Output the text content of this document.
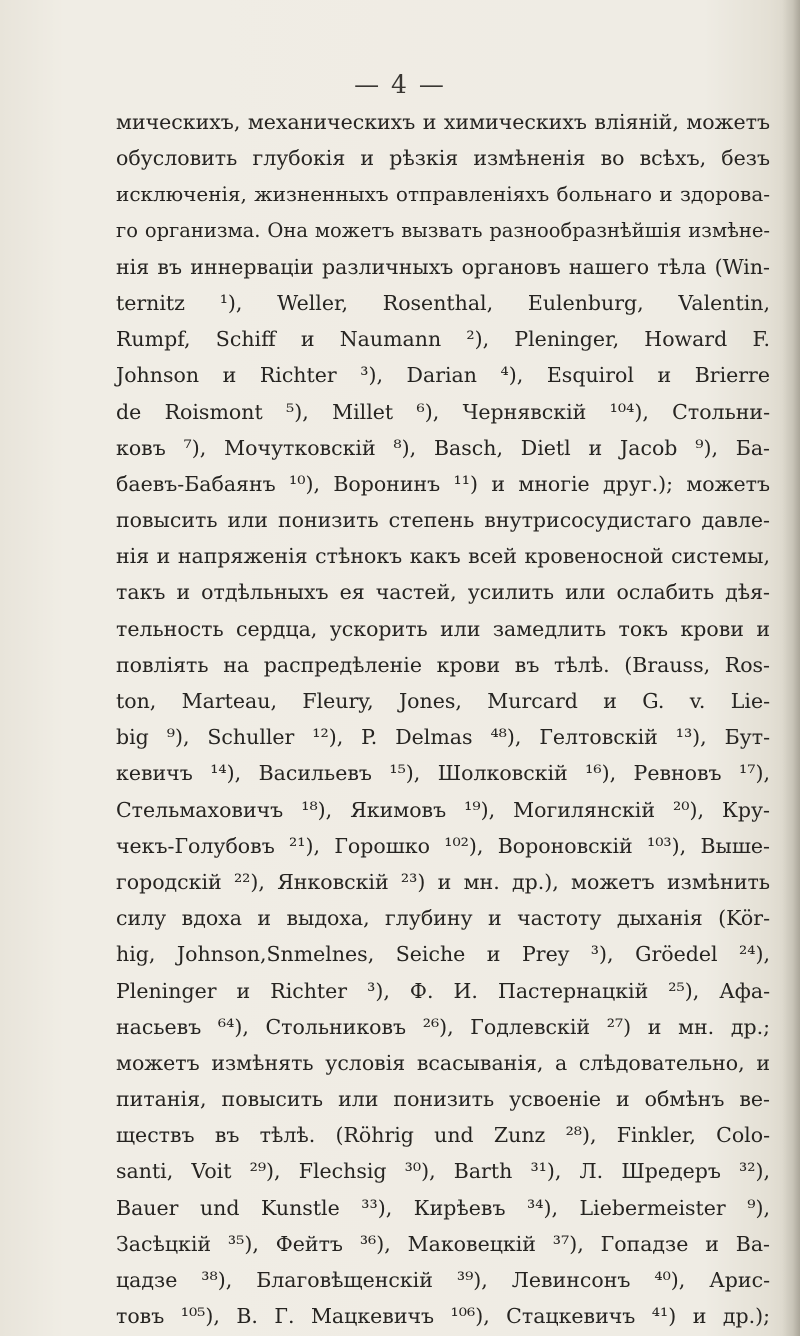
— 4 —
мическихъ, механическихъ и химическихъ вліяній, можетъ
обусловить глубокія и рѣзкія измѣненія во всѣхъ, безъ
исключенія, жизненныхъ отправленіяхъ больнаго и здорова-
го организма. Она можетъ вызвать разнообразнѣйшія измѣне-
нія въ иннерваціи различныхъ органовъ нашего тѣла (Win-
ternitz ¹), Weller, Rosenthal, Eulenburg, Valentin,
Rumpf, Schiff и Naumann ²), Pleninger, Howard F.
Johnson и Richter ³), Darian ⁴), Esquirol и Brierre
de Roismont ⁵), Millet ⁶), Чернявскій ¹⁰⁴), Стольни-
ковъ ⁷), Мочутковскій ⁸), Basch, Dietl и Jacob ⁹), Ба-
баевъ-Бабаянъ ¹⁰), Воронинъ ¹¹) и многіе друг.); можетъ
повысить или понизить степень внутрисосудистаго давле-
нія и напряженія стѣнокъ какъ всей кровеносной системы,
такъ и отдѣльныхъ ея частей, усилить или ослабить дѣя-
тельность сердца, ускорить или замедлить токъ крови и
повліять на распредѣленіе крови въ тѣлѣ. (Brauss, Ros-
ton, Marteau, Fleury, Jones, Murcard и G. v. Lie-
big ⁹), Schuller ¹²), P. Delmas ⁴⁸), Гелтовскій ¹³), Бут-
кевичъ ¹⁴), Васильевъ ¹⁵), Шолковскій ¹⁶), Ревновъ ¹⁷),
Стельмаховичъ ¹⁸), Якимовъ ¹⁹), Могилянскій ²⁰), Кру-
чекъ-Голубовъ ²¹), Горошко ¹⁰²), Вороновскій ¹⁰³), Выше-
городскій ²²), Янковскій ²³) и мн. др.), можетъ измѣнить
силу вдоха и выдоха, глубину и частоту дыханія (Kör-
hig, Johnson,Snmelnes, Seiche и Prey ³), Gröedel ²⁴),
Pleninger и Richter ³), Ф. И. Пастернацкій ²⁵), Афа-
насьевъ ⁶⁴), Стольниковъ ²⁶), Годлевскій ²⁷) и мн. др.;
можетъ измѣнять условія всасыванія, а слѣдовательно, и
питанія, повысить или понизить усвоеніе и обмѣнъ ве-
ществъ въ тѣлѣ. (Röhrig und Zunz ²⁸), Finkler, Colo-
santi, Voit ²⁹), Flechsig ³⁰), Barth ³¹), Л. Шредеръ ³²),
Bauer und Kunstle ³³), Кирѣевъ ³⁴), Liebermeister ⁹),
Засѣцкій ³⁵), Фейтъ ³⁶), Маковецкій ³⁷), Гопадзе и Ва-
цадзе ³⁸), Благовѣщенскій ³⁹), Левинсонъ ⁴⁰), Арис-
товъ ¹⁰⁵), В. Г. Мацкевичъ ¹⁰⁶), Стацкевичъ ⁴¹) и др.);
